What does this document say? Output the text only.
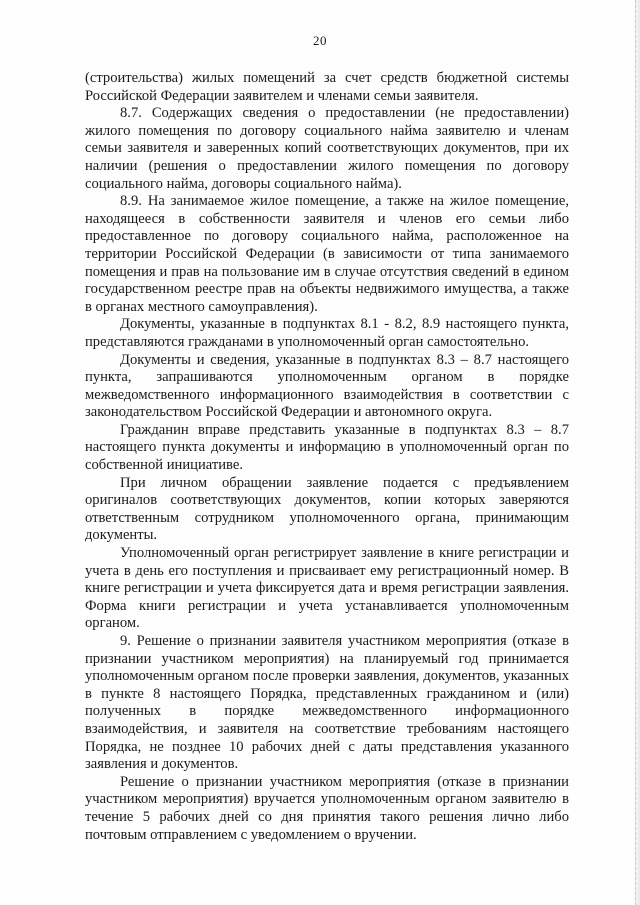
20

(строительства) жилых помещений за счет средств бюджетной системы Российской Федерации заявителем и членами семьи заявителя.

8.7. Содержащих сведения о предоставлении (не предоставлении) жилого помещения по договору социального найма заявителю и членам семьи заявителя и заверенных копий соответствующих документов, при их наличии (решения о предоставлении жилого помещения по договору социального найма, договоры социального найма).

8.9. На занимаемое жилое помещение, а также на жилое помещение, находящееся в собственности заявителя и членов его семьи либо предоставленное по договору социального найма, расположенное на территории Российской Федерации (в зависимости от типа занимаемого помещения и прав на пользование им в случае отсутствия сведений в едином государственном реестре прав на объекты недвижимого имущества, а также в органах местного самоуправления).

Документы, указанные в подпунктах 8.1 - 8.2, 8.9 настоящего пункта, представляются гражданами в уполномоченный орган самостоятельно.

Документы и сведения, указанные в подпунктах 8.3 – 8.7 настоящего пункта, запрашиваются уполномоченным органом в порядке межведомственного информационного взаимодействия в соответствии с законодательством Российской Федерации и автономного округа.

Гражданин вправе представить указанные в подпунктах 8.3 – 8.7 настоящего пункта документы и информацию в уполномоченный орган по собственной инициативе.

При личном обращении заявление подается с предъявлением оригиналов соответствующих документов, копии которых заверяются ответственным сотрудником уполномоченного органа, принимающим документы.

Уполномоченный орган регистрирует заявление в книге регистрации и учета в день его поступления и присваивает ему регистрационный номер. В книге регистрации и учета фиксируется дата и время регистрации заявления. Форма книги регистрации и учета устанавливается уполномоченным органом.

9. Решение о признании заявителя участником мероприятия (отказе в признании участником мероприятия) на планируемый год принимается уполномоченным органом после проверки заявления, документов, указанных в пункте 8 настоящего Порядка, представленных гражданином и (или) полученных в порядке межведомственного информационного взаимодействия, и заявителя на соответствие требованиям настоящего Порядка, не позднее 10 рабочих дней с даты представления указанного заявления и документов.

Решение о признании участником мероприятия (отказе в признании участником мероприятия) вручается уполномоченным органом заявителю в течение 5 рабочих дней со дня принятия такого решения лично либо почтовым отправлением с уведомлением о вручении.
